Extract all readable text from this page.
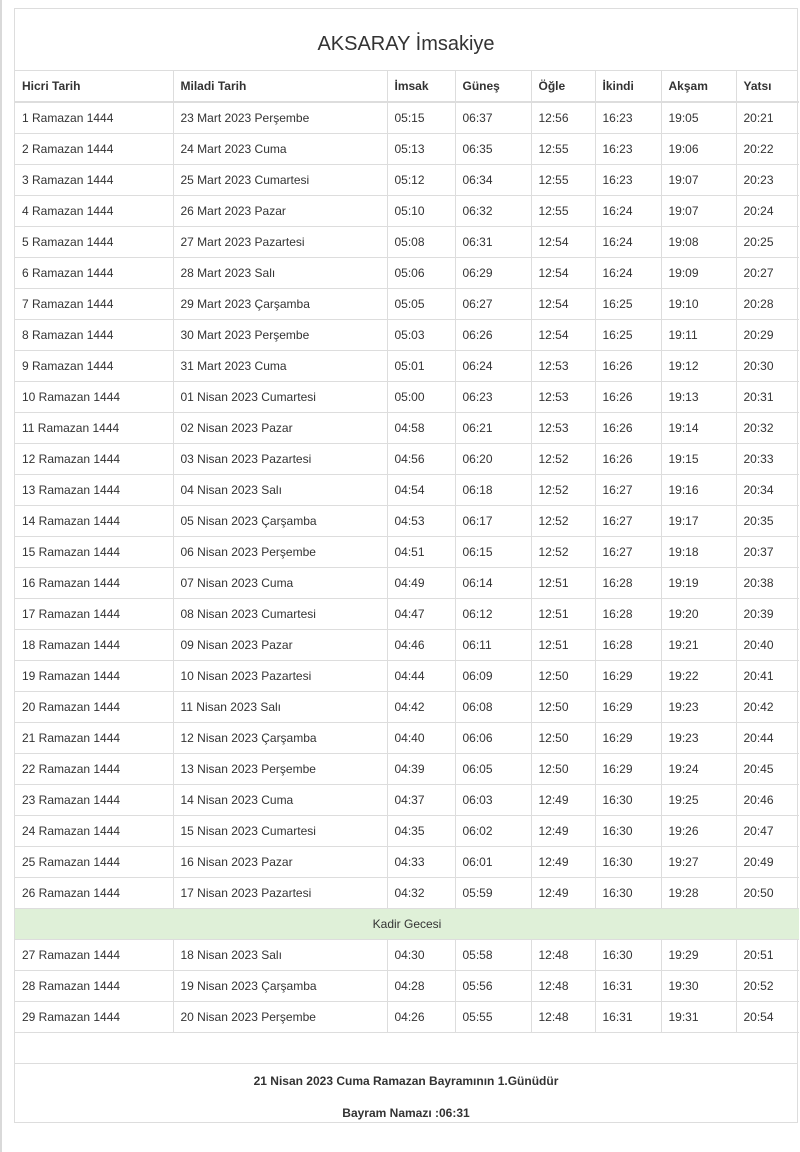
AKSARAY İmsakiye
Hicri Tarih	Miladi Tarih	İmsak	Güneş	Öğle	İkindi	Akşam	Yatsı
1 Ramazan 1444	23 Mart 2023 Perşembe	05:15	06:37	12:56	16:23	19:05	20:21
2 Ramazan 1444	24 Mart 2023 Cuma	05:13	06:35	12:55	16:23	19:06	20:22
3 Ramazan 1444	25 Mart 2023 Cumartesi	05:12	06:34	12:55	16:23	19:07	20:23
4 Ramazan 1444	26 Mart 2023 Pazar	05:10	06:32	12:55	16:24	19:07	20:24
5 Ramazan 1444	27 Mart 2023 Pazartesi	05:08	06:31	12:54	16:24	19:08	20:25
6 Ramazan 1444	28 Mart 2023 Salı	05:06	06:29	12:54	16:24	19:09	20:27
7 Ramazan 1444	29 Mart 2023 Çarşamba	05:05	06:27	12:54	16:25	19:10	20:28
8 Ramazan 1444	30 Mart 2023 Perşembe	05:03	06:26	12:54	16:25	19:11	20:29
9 Ramazan 1444	31 Mart 2023 Cuma	05:01	06:24	12:53	16:26	19:12	20:30
10 Ramazan 1444	01 Nisan 2023 Cumartesi	05:00	06:23	12:53	16:26	19:13	20:31
11 Ramazan 1444	02 Nisan 2023 Pazar	04:58	06:21	12:53	16:26	19:14	20:32
12 Ramazan 1444	03 Nisan 2023 Pazartesi	04:56	06:20	12:52	16:26	19:15	20:33
13 Ramazan 1444	04 Nisan 2023 Salı	04:54	06:18	12:52	16:27	19:16	20:34
14 Ramazan 1444	05 Nisan 2023 Çarşamba	04:53	06:17	12:52	16:27	19:17	20:35
15 Ramazan 1444	06 Nisan 2023 Perşembe	04:51	06:15	12:52	16:27	19:18	20:37
16 Ramazan 1444	07 Nisan 2023 Cuma	04:49	06:14	12:51	16:28	19:19	20:38
17 Ramazan 1444	08 Nisan 2023 Cumartesi	04:47	06:12	12:51	16:28	19:20	20:39
18 Ramazan 1444	09 Nisan 2023 Pazar	04:46	06:11	12:51	16:28	19:21	20:40
19 Ramazan 1444	10 Nisan 2023 Pazartesi	04:44	06:09	12:50	16:29	19:22	20:41
20 Ramazan 1444	11 Nisan 2023 Salı	04:42	06:08	12:50	16:29	19:23	20:42
21 Ramazan 1444	12 Nisan 2023 Çarşamba	04:40	06:06	12:50	16:29	19:23	20:44
22 Ramazan 1444	13 Nisan 2023 Perşembe	04:39	06:05	12:50	16:29	19:24	20:45
23 Ramazan 1444	14 Nisan 2023 Cuma	04:37	06:03	12:49	16:30	19:25	20:46
24 Ramazan 1444	15 Nisan 2023 Cumartesi	04:35	06:02	12:49	16:30	19:26	20:47
25 Ramazan 1444	16 Nisan 2023 Pazar	04:33	06:01	12:49	16:30	19:27	20:49
26 Ramazan 1444	17 Nisan 2023 Pazartesi	04:32	05:59	12:49	16:30	19:28	20:50
Kadir Gecesi							
27 Ramazan 1444	18 Nisan 2023 Salı	04:30	05:58	12:48	16:30	19:29	20:51
28 Ramazan 1444	19 Nisan 2023 Çarşamba	04:28	05:56	12:48	16:31	19:30	20:52
29 Ramazan 1444	20 Nisan 2023 Perşembe	04:26	05:55	12:48	16:31	19:31	20:54
21 Nisan 2023 Cuma Ramazan Bayramının 1.Günüdür
Bayram Namazı :06:31
